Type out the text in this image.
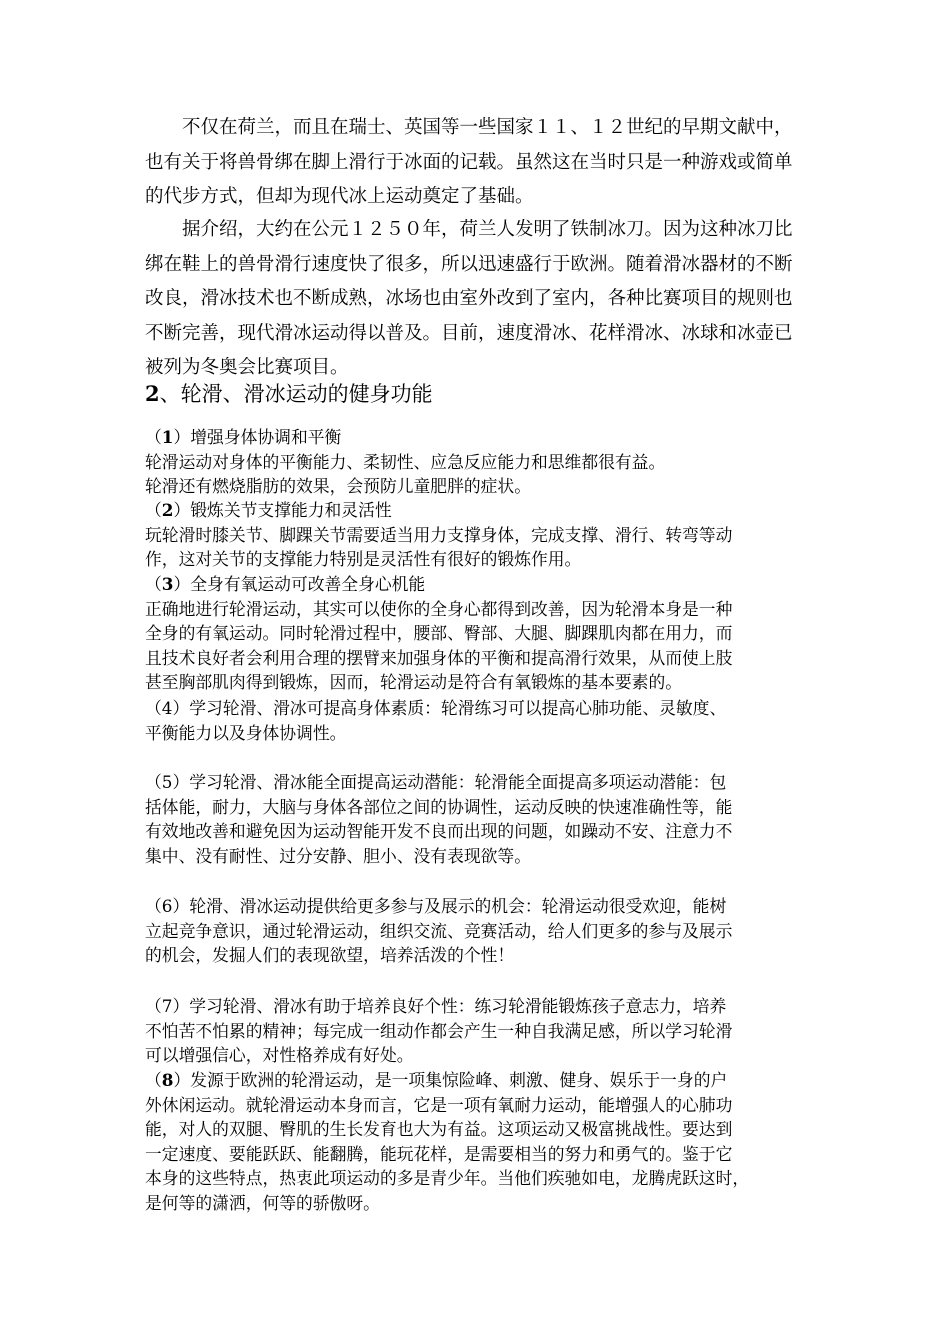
不仅在荷兰，而且在瑞士、英国等一些国家１１、１２世纪的早期文献中，
也有关于将兽骨绑在脚上滑行于冰面的记载。虽然这在当时只是一种游戏或简单
的代步方式，但却为现代冰上运动奠定了基础。

据介绍，大约在公元１２５０年，荷兰人发明了铁制冰刀。因为这种冰刀比
绑在鞋上的兽骨滑行速度快了很多，所以迅速盛行于欧洲。随着滑冰器材的不断
改良，滑冰技术也不断成熟，冰场也由室外改到了室内，各种比赛项目的规则也
不断完善，现代滑冰运动得以普及。目前，速度滑冰、花样滑冰、冰球和冰壶已
被列为冬奥会比赛项目。

2、轮滑、滑冰运动的健身功能
（1）增强身体协调和平衡
轮滑运动对身体的平衡能力、柔韧性、应急反应能力和思维都很有益。
轮滑还有燃烧脂肪的效果，会预防儿童肥胖的症状。
（2）锻炼关节支撑能力和灵活性
玩轮滑时膝关节、脚踝关节需要适当用力支撑身体，完成支撑、滑行、转弯等动
作，这对关节的支撑能力特别是灵活性有很好的锻炼作用。
（3）全身有氧运动可改善全身心机能
正确地进行轮滑运动，其实可以使你的全身心都得到改善，因为轮滑本身是一种
全身的有氧运动。同时轮滑过程中，腰部、臀部、大腿、脚踝肌肉都在用力，而
且技术良好者会利用合理的摆臂来加强身体的平衡和提高滑行效果，从而使上肢
甚至胸部肌肉得到锻炼，因而，轮滑运动是符合有氧锻炼的基本要素的。
（4）学习轮滑、滑冰可提高身体素质：轮滑练习可以提高心肺功能、灵敏度、
平衡能力以及身体协调性。
（5）学习轮滑、滑冰能全面提高运动潜能：轮滑能全面提高多项运动潜能：包
括体能，耐力，大脑与身体各部位之间的协调性，运动反映的快速准确性等，能
有效地改善和避免因为运动智能开发不良而出现的问题，如躁动不安、注意力不
集中、没有耐性、过分安静、胆小、没有表现欲等。
（6）轮滑、滑冰运动提供给更多参与及展示的机会：轮滑运动很受欢迎，能树
立起竞争意识，通过轮滑运动，组织交流、竞赛活动，给人们更多的参与及展示
的机会，发掘人们的表现欲望，培养活泼的个性！
（7）学习轮滑、滑冰有助于培养良好个性：练习轮滑能锻炼孩子意志力，培养
不怕苦不怕累的精神；每完成一组动作都会产生一种自我满足感，所以学习轮滑
可以增强信心，对性格养成有好处。
（8）发源于欧洲的轮滑运动，是一项集惊险峰、刺激、健身、娱乐于一身的户
外休闲运动。就轮滑运动本身而言，它是一项有氧耐力运动，能增强人的心肺功
能，对人的双腿、臀肌的生长发育也大为有益。这项运动又极富挑战性。要达到
一定速度、要能跃跃、能翻腾，能玩花样，是需要相当的努力和勇气的。鉴于它
本身的这些特点，热衷此项运动的多是青少年。当他们疾驰如电，龙腾虎跃这时，
是何等的潇洒，何等的骄傲呀。
